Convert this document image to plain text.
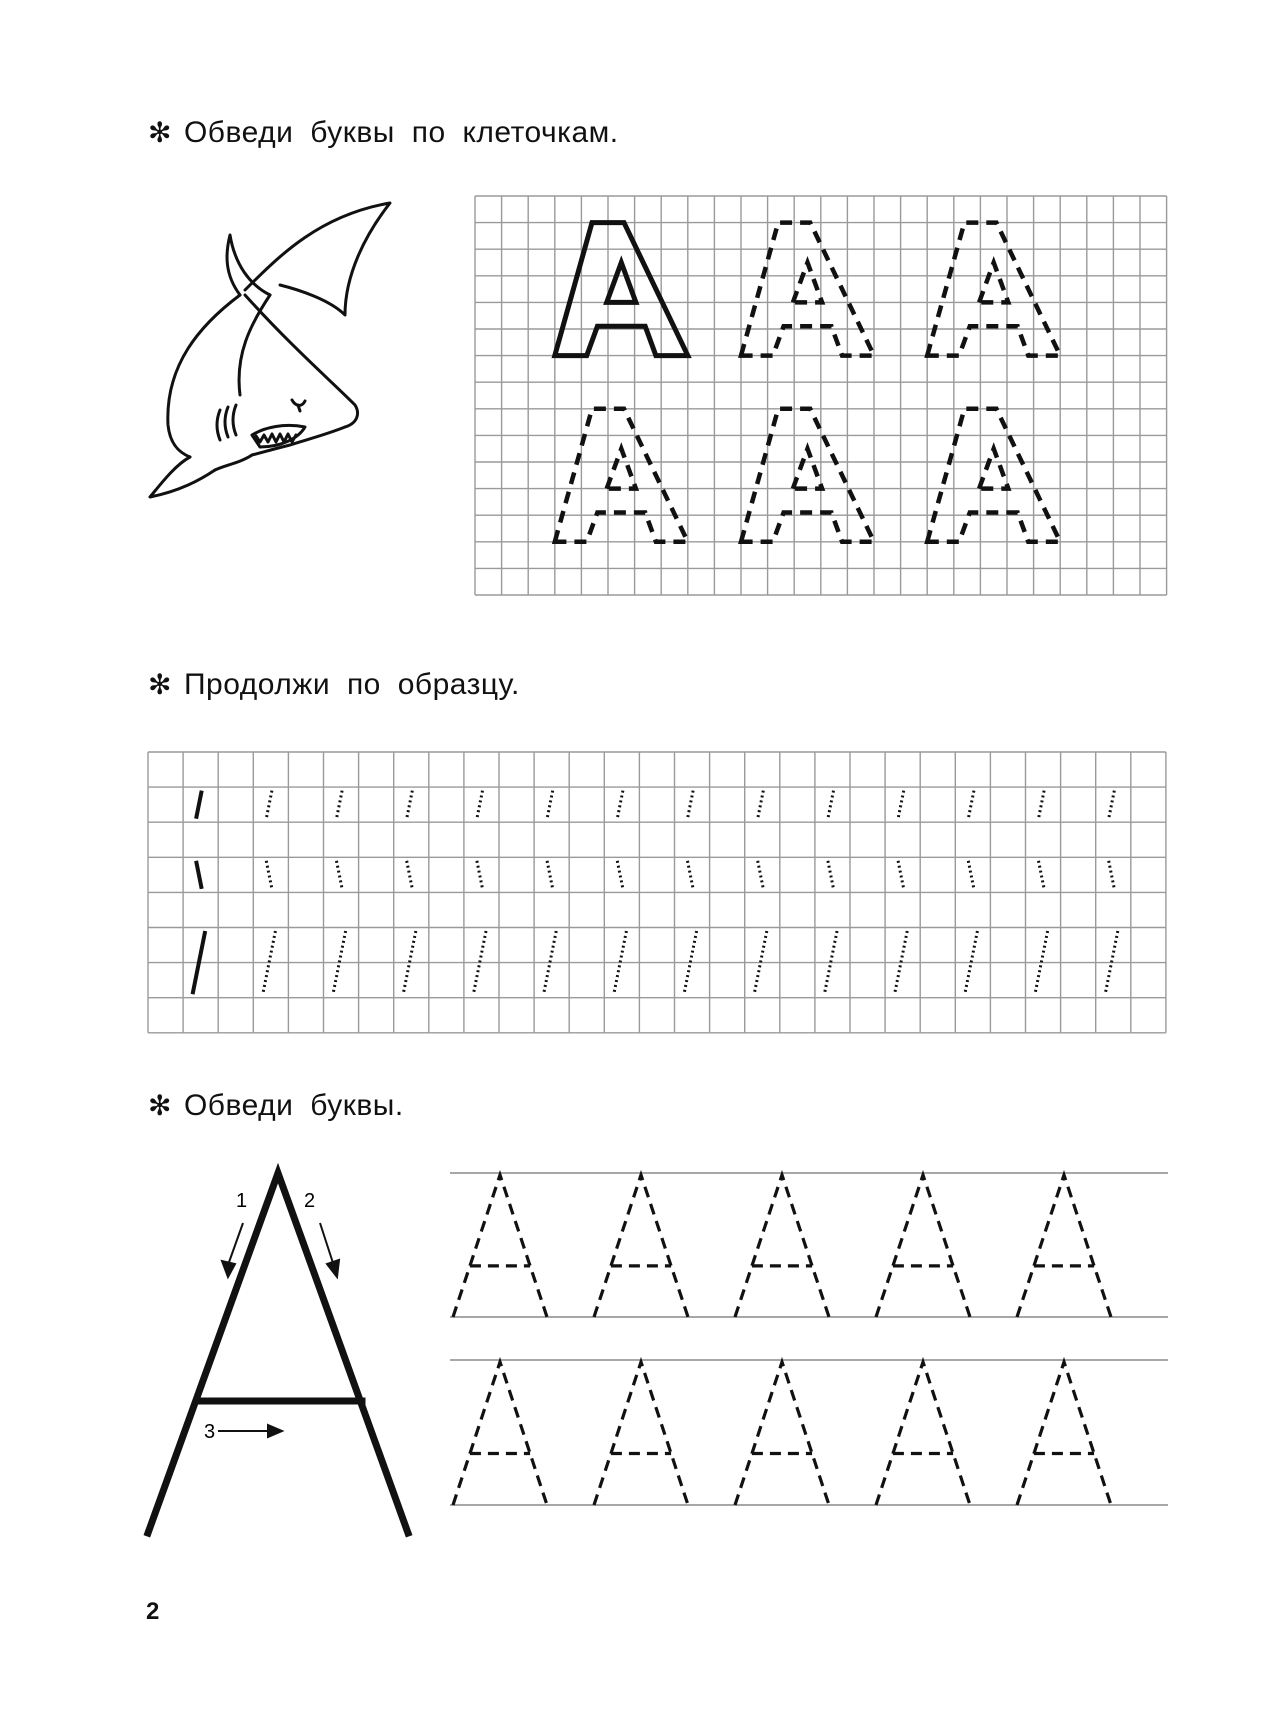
✻ Обведи буквы по клеточкам.
✻ Продолжи по образцу.
✻ Обведи буквы.
1	2
3
2
